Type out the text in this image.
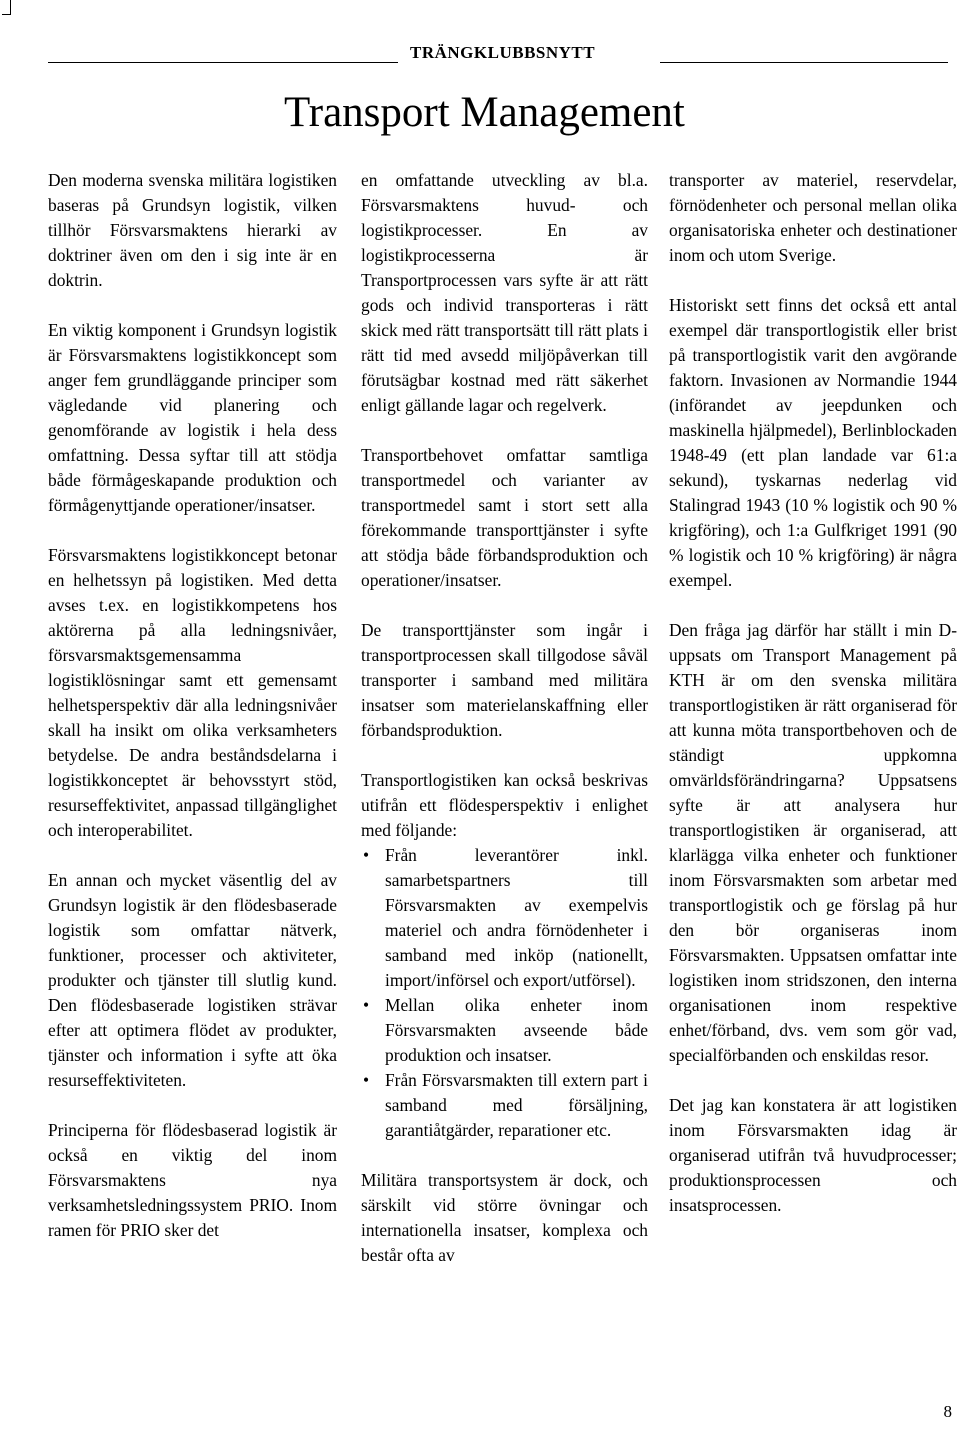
TRÄNGKLUBBSNYTT
Transport Management

Den moderna svenska militära logistiken baseras på Grundsyn logistik, vilken tillhör Försvarsmaktens hierarki av doktriner även om den i sig inte är en doktrin.

En viktig komponent i Grundsyn logistik är Försvarsmaktens logistikkoncept som anger fem grundläggande principer som vägledande vid planering och genomförande av logistik i hela dess omfattning. Dessa syftar till att stödja både förmågeskapande produktion och förmågenyttjande operationer/insatser.

Försvarsmaktens logistikkoncept betonar en helhetssyn på logistiken. Med detta avses t.ex. en logistikkompetens hos aktörerna på alla ledningsnivåer, försvarsmaktsgemensamma logistiklösningar samt ett gemensamt helhetsperspektiv där alla ledningsnivåer skall ha insikt om olika verksamheters betydelse. De andra beståndsdelarna i logistikkonceptet är behovsstyrt stöd, resurseffektivitet, anpassad tillgänglighet och interoperabilitet.

En annan och mycket väsentlig del av Grundsyn logistik är den flödesbaserade logistik som omfattar nätverk, funktioner, processer och aktiviteter, produkter och tjänster till slutlig kund. Den flödesbaserade logistiken strävar efter att optimera flödet av produkter, tjänster och information i syfte att öka resurseffektiviteten.

Principerna för flödesbaserad logistik är också en viktig del inom Försvarsmaktens nya verksamhetsledningssystem PRIO. Inom ramen för PRIO sker det

en omfattande utveckling av bl.a. Försvarsmaktens huvud- och logistikprocesser. En av logistikprocesserna är Transportprocessen vars syfte är att rätt gods och individ transporteras i rätt skick med rätt transportsätt till rätt plats i rätt tid med avsedd miljöpåverkan till förutsägbar kostnad med rätt säkerhet enligt gällande lagar och regelverk.

Transportbehovet omfattar samtliga transportmedel och varianter av transportmedel samt i stort sett alla förekommande transporttjänster i syfte att stödja både förbandsproduktion och operationer/insatser.

De transporttjänster som ingår i transportprocessen skall tillgodose såväl transporter i samband med militära insatser som materielanskaffning eller förbandsproduktion.

Transportlogistiken kan också beskrivas utifrån ett flödesperspektiv i enlighet med följande:

• Från leverantörer inkl. samarbetspartners till Försvarsmakten av exempelvis materiel och andra förnödenheter i samband med inköp (nationellt, import/införsel och export/utförsel).
• Mellan olika enheter inom Försvarsmakten avseende både produktion och insatser.
• Från Försvarsmakten till extern part i samband med försäljning, garantiåtgärder, reparationer etc.

Militära transportsystem är dock, och särskilt vid större övningar och internationella insatser, komplexa och består ofta av

transporter av materiel, reservdelar, förnödenheter och personal mellan olika organisatoriska enheter och destinationer inom och utom Sverige.

Historiskt sett finns det också ett antal exempel där transportlogistik eller brist på transportlogistik varit den avgörande faktorn. Invasionen av Normandie 1944 (införandet av jeepdunken och maskinella hjälpmedel), Berlinblockaden 1948-49 (ett plan landade var 61:a sekund), tyskarnas nederlag vid Stalingrad 1943 (10 % logistik och 90 % krigföring), och 1:a Gulfkriget 1991 (90 % logistik och 10 % krigföring) är några exempel.

Den fråga jag därför har ställt i min D-uppsats om Transport Management på KTH är om den svenska militära transportlogistiken är rätt organiserad för att kunna möta transportbehoven och de ständigt uppkomna omvärldsförändringarna? Uppsatsens syfte är att analysera hur transportlogistiken är organiserad, att klarlägga vilka enheter och funktioner inom Försvarsmakten som arbetar med transportlogistik och ge förslag på hur den bör organiseras inom Försvarsmakten. Uppsatsen omfattar inte logistiken inom stridszonen, den interna organisationen inom respektive enhet/förband, dvs. vem som gör vad, specialförbanden och enskildas resor.

Det jag kan konstatera är att logistiken inom Försvarsmakten idag är organiserad utifrån två huvudprocesser; produktionsprocessen och insatsprocessen.

8
